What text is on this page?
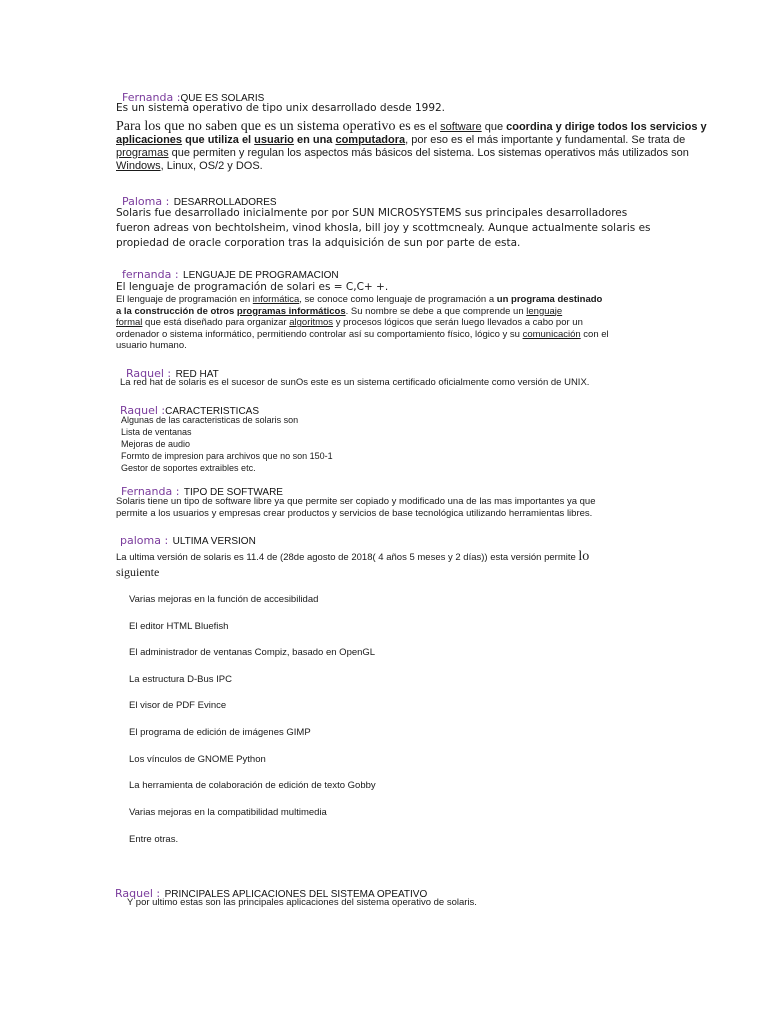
Fernanda :QUE ES SOLARIS
Es un sistema operativo de tipo unix desarrollado desde 1992.
Para los que no saben que es un sistema operativo es es el software que coordina y dirige todos los servicios y aplicaciones que utiliza el usuario en una computadora, por eso es el más importante y fundamental. Se trata de programas que permiten y regulan los aspectos más básicos del sistema. Los sistemas operativos más utilizados son Windows, Linux, OS/2 y DOS.
Paloma : DESARROLLADORES
Solaris fue desarrollado inicialmente por por SUN MICROSYSTEMS sus principales desarrolladores
fueron adreas von bechtolsheim, vinod khosla, bill joy y scottmcnealy. Aunque actualmente solaris es
propiedad de oracle corporation tras la adquisición de sun por parte de esta.
fernanda : LENGUAJE DE PROGRAMACION
El lenguaje de programación de solari es = C,C+ +.
El lenguaje de programación en informática, se conoce como lenguaje de programación a un programa destinado
a la construcción de otros programas informáticos. Su nombre se debe a que comprende un lenguaje
formal que está diseñado para organizar algoritmos y procesos lógicos que serán luego llevados a cabo por un
ordenador o sistema informático, permitiendo controlar así su comportamiento físico, lógico y su comunicación con el
usuario humano.
Raquel : RED HAT
La red hat de solaris es el sucesor de sunOs este es un sistema certificado oficialmente como versión de UNIX.
Raquel :CARACTERISTICAS
Algunas de las caracteristicas de solaris son
Lista de ventanas
Mejoras de audio
Formto de impresion para archivos que no son 150-1
Gestor de soportes extraibles etc.
Fernanda : TIPO DE SOFTWARE
Solaris tiene un tipo de software libre ya que permite ser copiado y modificado una de las mas importantes ya que
permite a los usuarios y empresas crear productos y servicios de base tecnológica utilizando herramientas libres.
paloma : ULTIMA VERSION
La ultima versión de solaris es 11.4 de (28de agosto de 2018( 4 años 5 meses y 2 días)) esta versión permite lo
siguiente
Varias mejoras en la función de accesibilidad
El editor HTML Bluefish
El administrador de ventanas Compiz, basado en OpenGL
La estructura D-Bus IPC
El visor de PDF Evince
El programa de edición de imágenes GIMP
Los vínculos de GNOME Python
La herramienta de colaboración de edición de texto Gobby
Varias mejoras en la compatibilidad multimedia
Entre otras.
Raquel : PRINCIPALES APLICACIONES DEL SISTEMA OPEATIVO
Y por ultimo estas son las principales aplicaciones del sistema operativo de solaris.
